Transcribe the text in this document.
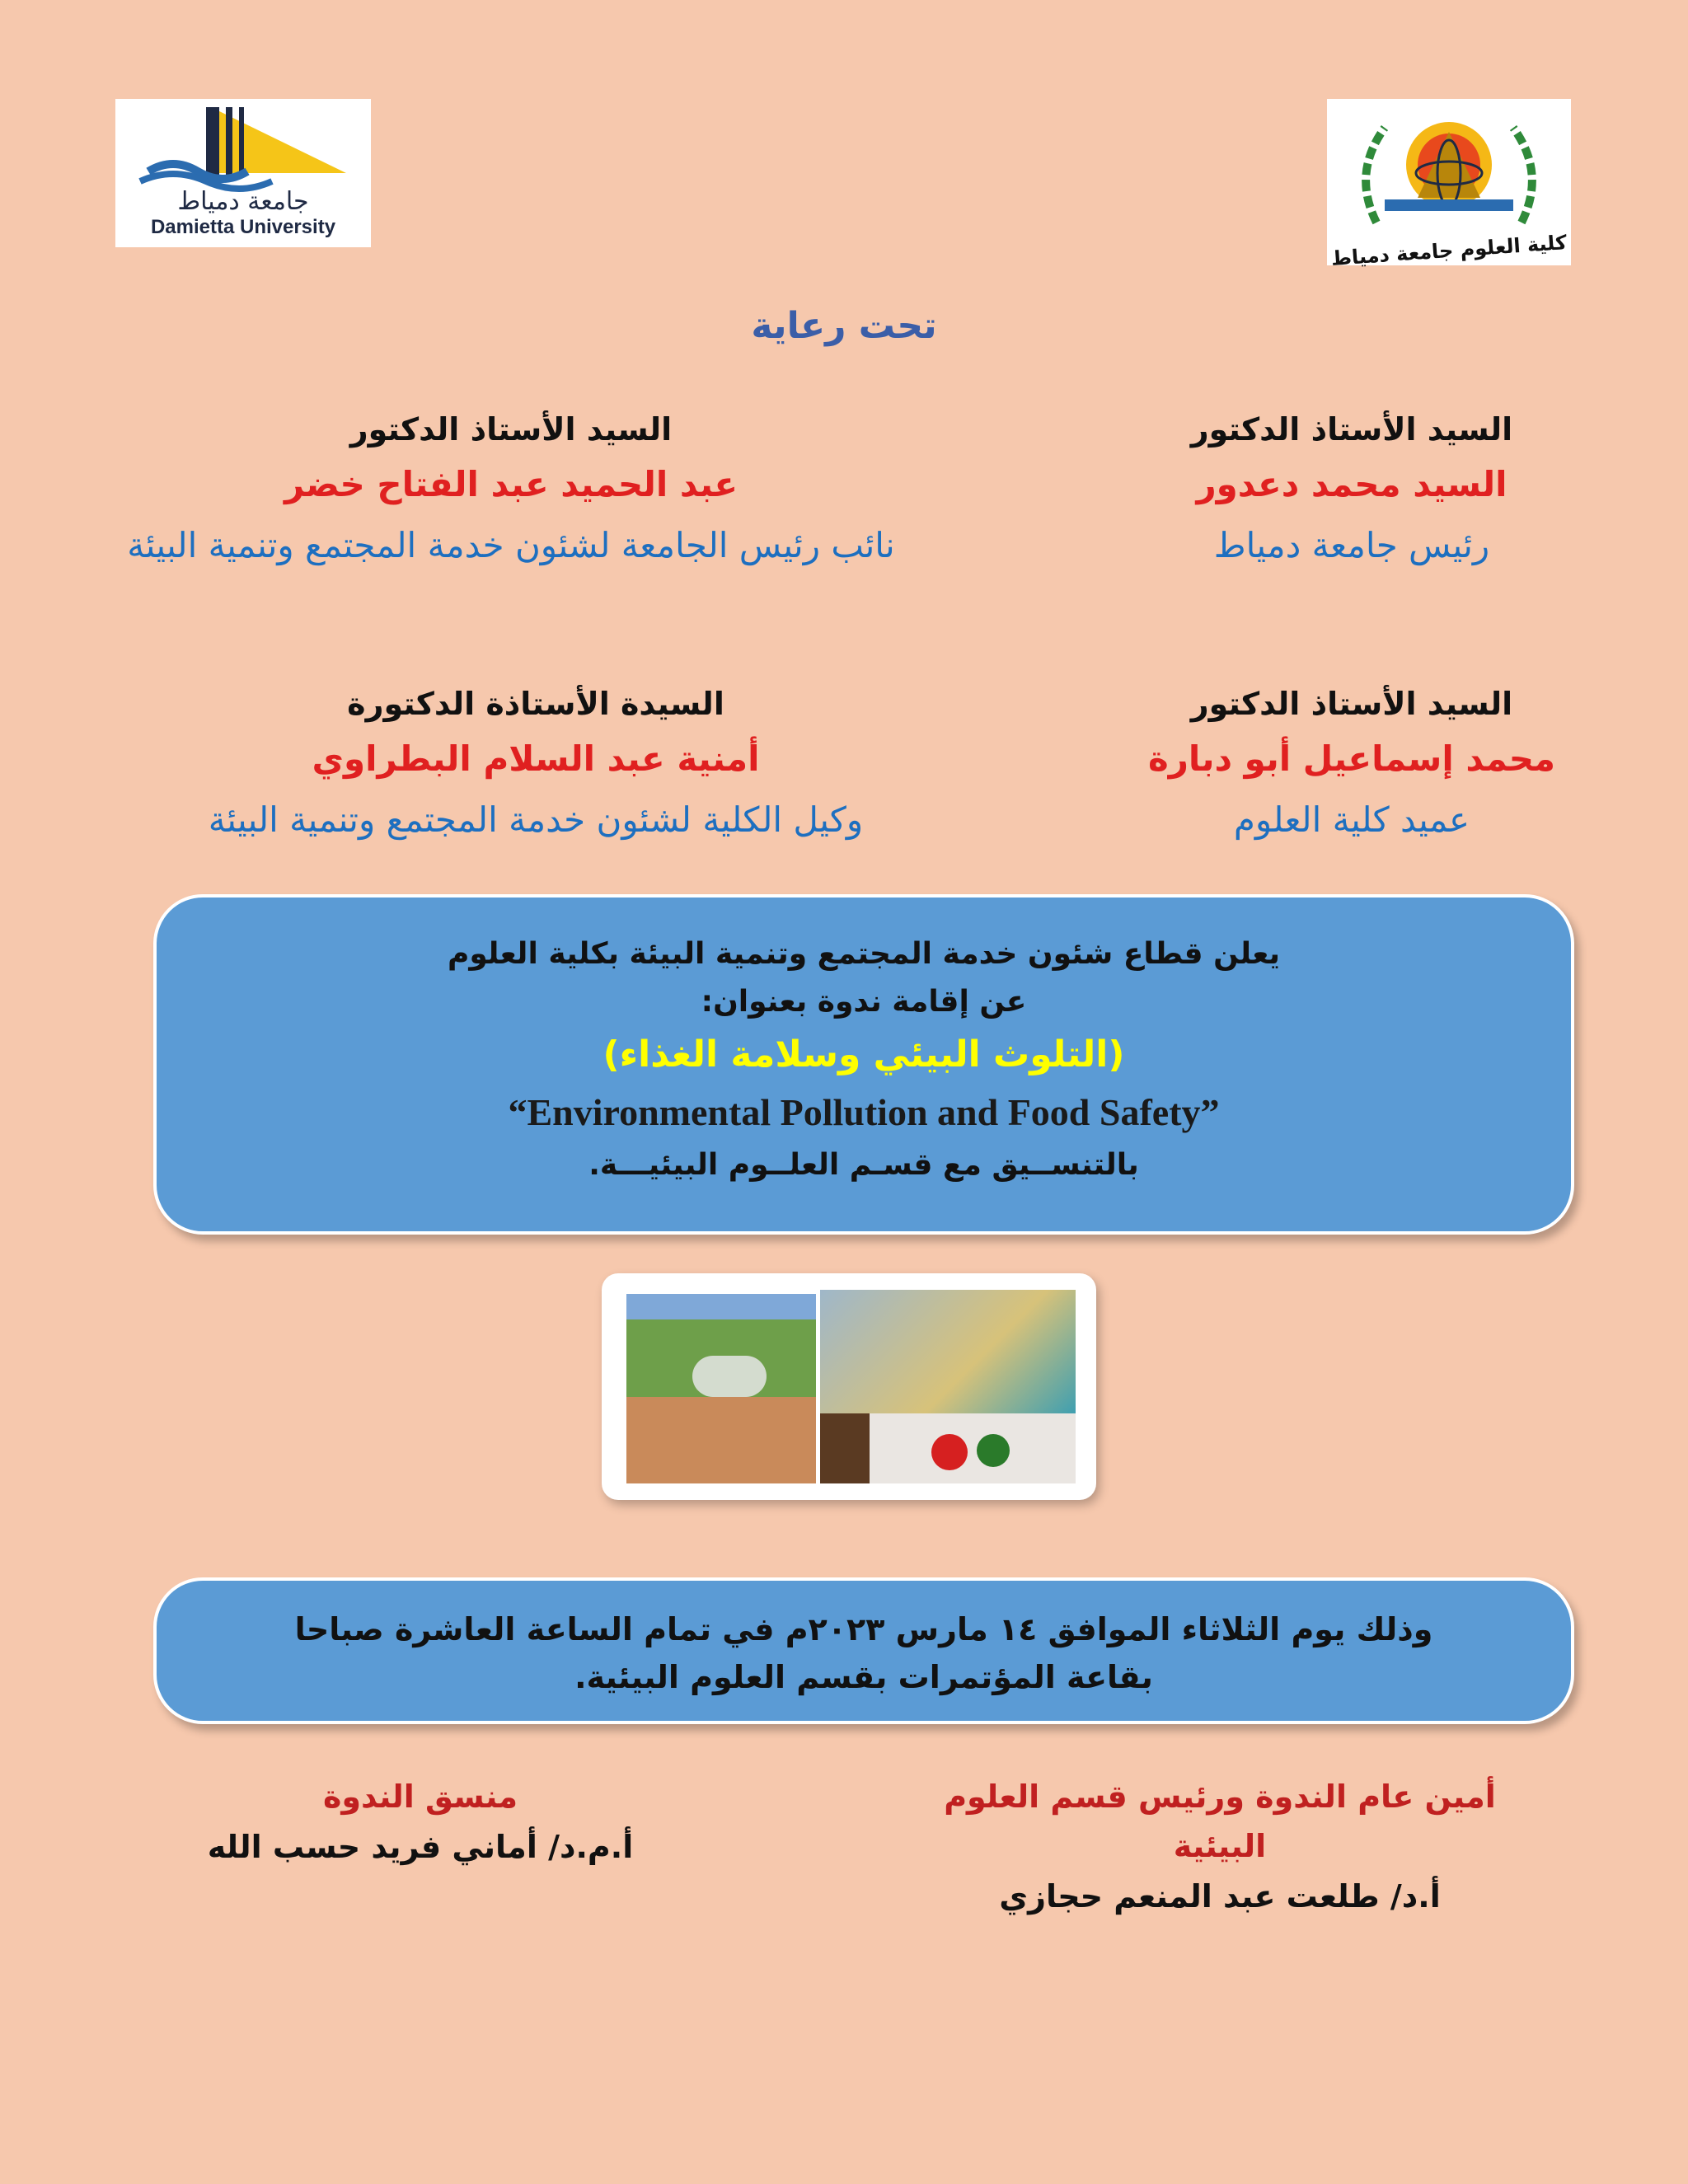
جامعة دمياط
Damietta University
كلية العلوم جامعة دمياط
تحت رعاية
السيد الأستاذ الدكتور
السيد محمد دعدور
رئيس جامعة دمياط
السيد الأستاذ الدكتور
عبد الحميد عبد الفتاح خضر
نائب رئيس الجامعة لشئون خدمة المجتمع وتنمية البيئة
السيد الأستاذ الدكتور
محمد إسماعيل أبو دبارة
عميد كلية العلوم
السيدة الأستاذة الدكتورة
أمنية عبد السلام البطراوي
وكيل الكلية لشئون خدمة المجتمع وتنمية البيئة
يعلن قطاع شئون خدمة المجتمع وتنمية البيئة بكلية العلوم
عن إقامة ندوة بعنوان:
(التلوث البيئي وسلامة الغذاء)
“Environmental Pollution and Food Safety”
بالتنســيق مع قسـم العلــوم البيئيـــة.
وذلك يوم الثلاثاء الموافق ١٤ مارس ٢٠٢٣م في تمام الساعة العاشرة صباحا
بقاعة المؤتمرات بقسم العلوم البيئية.
أمين عام الندوة ورئيس قسم العلوم البيئية
أ.د/ طلعت عبد المنعم حجازي
منسق الندوة
أ.م.د/ أماني فريد حسب الله
